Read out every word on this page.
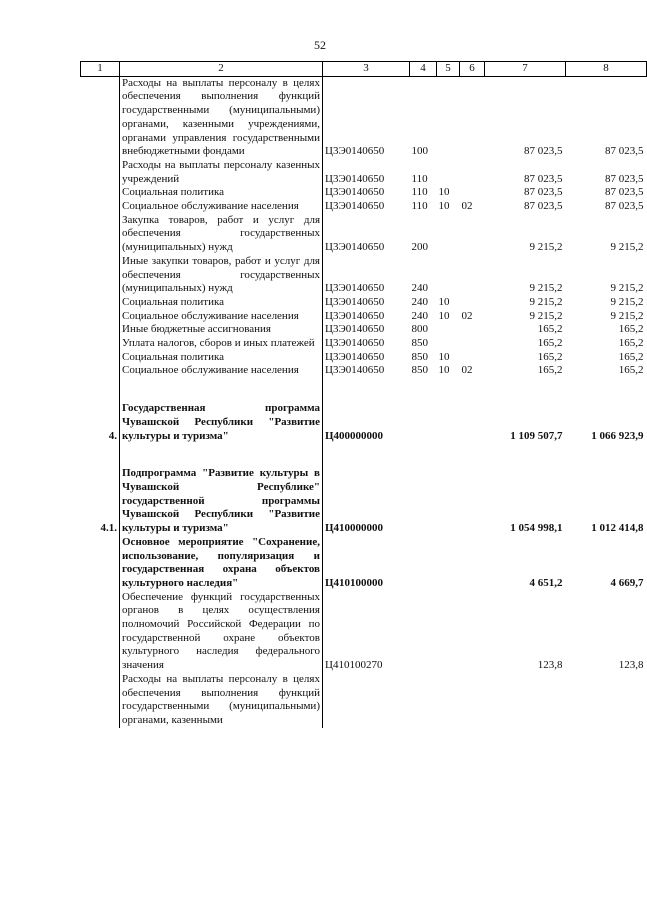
52
1	2	3	4	5	6	7	8
	Расходы на выплаты персоналу в целях обеспечения выполнения функций государственными (муниципальными) органами, казенными учреждениями, органами управления государственными внебюджетными фондами	Ц3Э0140650	100			87 023,5	87 023,5
	Расходы на выплаты персоналу казенных учреждений	Ц3Э0140650	110			87 023,5	87 023,5
	Социальная политика	Ц3Э0140650	110	10		87 023,5	87 023,5
	Социальное обслуживание населения	Ц3Э0140650	110	10	02	87 023,5	87 023,5
	Закупка товаров, работ и услуг для обеспечения государственных (муниципальных) нужд	Ц3Э0140650	200			9 215,2	9 215,2
	Иные закупки товаров, работ и услуг для обеспечения государственных (муниципальных) нужд	Ц3Э0140650	240			9 215,2	9 215,2
	Социальная политика	Ц3Э0140650	240	10		9 215,2	9 215,2
	Социальное обслуживание населения	Ц3Э0140650	240	10	02	9 215,2	9 215,2
	Иные бюджетные ассигнования	Ц3Э0140650	800			165,2	165,2
	Уплата налогов, сборов и иных платежей	Ц3Э0140650	850			165,2	165,2
	Социальная политика	Ц3Э0140650	850	10		165,2	165,2
	Социальное обслуживание населения	Ц3Э0140650	850	10	02	165,2	165,2

4.	Государственная программа Чувашской Республики "Развитие культуры и туризма"	Ц400000000				1 109 507,7	1 066 923,9

4.1.	Подпрограмма "Развитие культуры в Чувашской Республике" государственной программы Чувашской Республики "Развитие культуры и туризма"	Ц410000000				1 054 998,1	1 012 414,8
	Основное мероприятие "Сохранение, использование, популяризация и государственная охрана объектов культурного наследия"	Ц410100000				4 651,2	4 669,7
	Обеспечение функций государственных органов в целях осуществления полномочий Российской Федерации по государственной охране объектов культурного наследия федерального значения	Ц410100270				123,8	123,8
	Расходы на выплаты персоналу в целях обеспечения выполнения функций государственными (муниципальными) органами, казенными						
